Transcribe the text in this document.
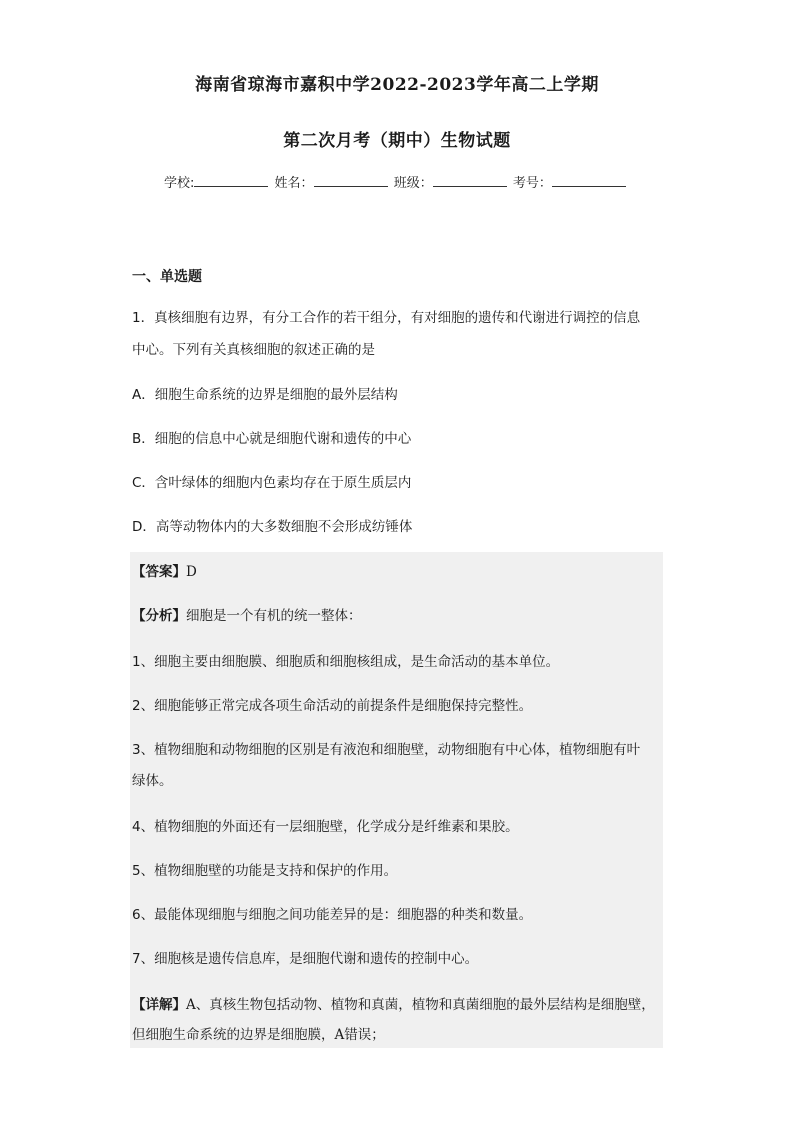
海南省琼海市嘉积中学2022-2023学年高二上学期
第二次月考（期中）生物试题
学校:	姓名：	班级：	考号：
一、单选题
1．真核细胞有边界，有分工合作的若干组分，有对细胞的遗传和代谢进行调控的信息
中心。下列有关真核细胞的叙述正确的是
A．细胞生命系统的边界是细胞的最外层结构
B．细胞的信息中心就是细胞代谢和遗传的中心
C．含叶绿体的细胞内色素均存在于原生质层内
D．高等动物体内的大多数细胞不会形成纺锤体
【答案】D
【分析】细胞是一个有机的统一整体：
1、细胞主要由细胞膜、细胞质和细胞核组成，是生命活动的基本单位。
2、细胞能够正常完成各项生命活动的前提条件是细胞保持完整性。
3、植物细胞和动物细胞的区别是有液泡和细胞壁，动物细胞有中心体，植物细胞有叶
绿体。
4、植物细胞的外面还有一层细胞壁，化学成分是纤维素和果胶。
5、植物细胞壁的功能是支持和保护的作用。
6、最能体现细胞与细胞之间功能差异的是：细胞器的种类和数量。
7、细胞核是遗传信息库，是细胞代谢和遗传的控制中心。
【详解】A、真核生物包括动物、植物和真菌，植物和真菌细胞的最外层结构是细胞壁，
但细胞生命系统的边界是细胞膜，A错误；
